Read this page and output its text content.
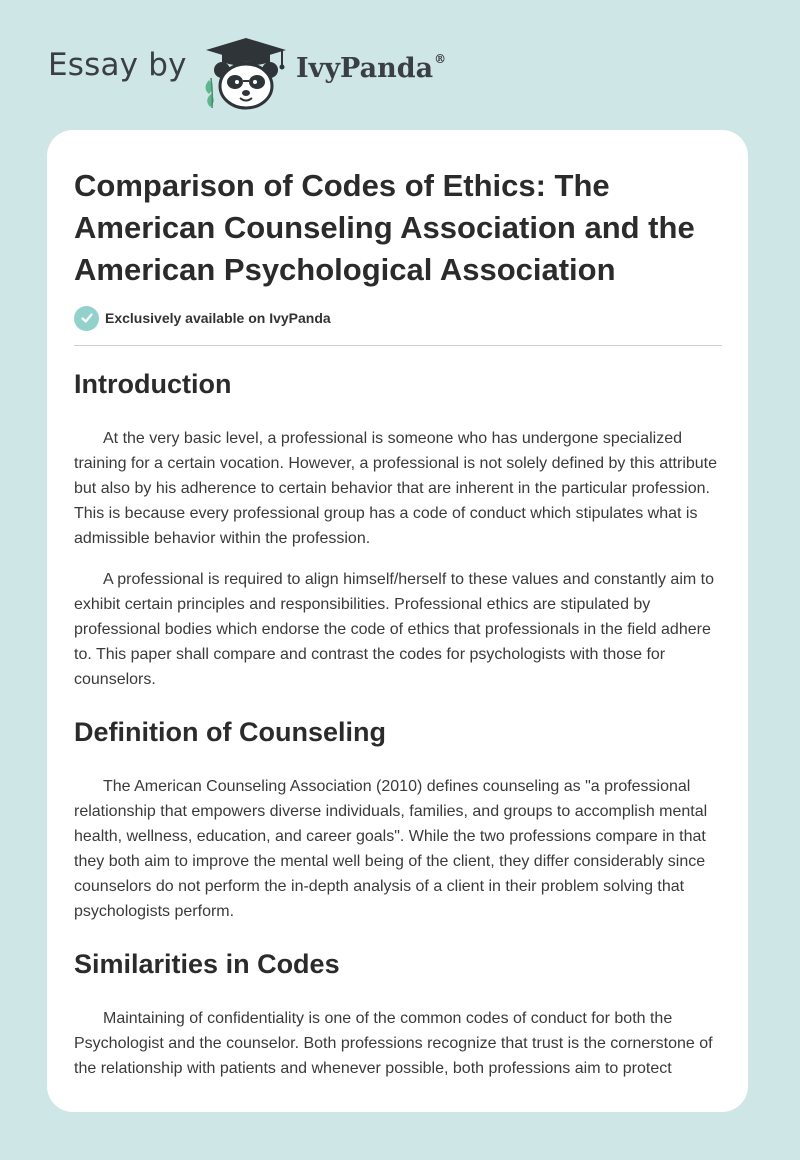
Essay by	IvyPanda®
Comparison of Codes of Ethics: The American Counseling Association and the American Psychological Association
Exclusively available on IvyPanda
Introduction

At the very basic level, a professional is someone who has undergone specialized training for a certain vocation. However, a professional is not solely defined by this attribute but also by his adherence to certain behavior that are inherent in the particular profession. This is because every professional group has a code of conduct which stipulates what is admissible behavior within the profession.

A professional is required to align himself/herself to these values and constantly aim to exhibit certain principles and responsibilities. Professional ethics are stipulated by professional bodies which endorse the code of ethics that professionals in the field adhere to. This paper shall compare and contrast the codes for psychologists with those for counselors.

Definition of Counseling

The American Counseling Association (2010) defines counseling as "a professional relationship that empowers diverse individuals, families, and groups to accomplish mental health, wellness, education, and career goals". While the two professions compare in that they both aim to improve the mental well being of the client, they differ considerably since counselors do not perform the in-depth analysis of a client in their problem solving that psychologists perform.

Similarities in Codes

Maintaining of confidentiality is one of the common codes of conduct for both the Psychologist and the counselor. Both professions recognize that trust is the cornerstone of the relationship with patients and whenever possible, both professions aim to protect
